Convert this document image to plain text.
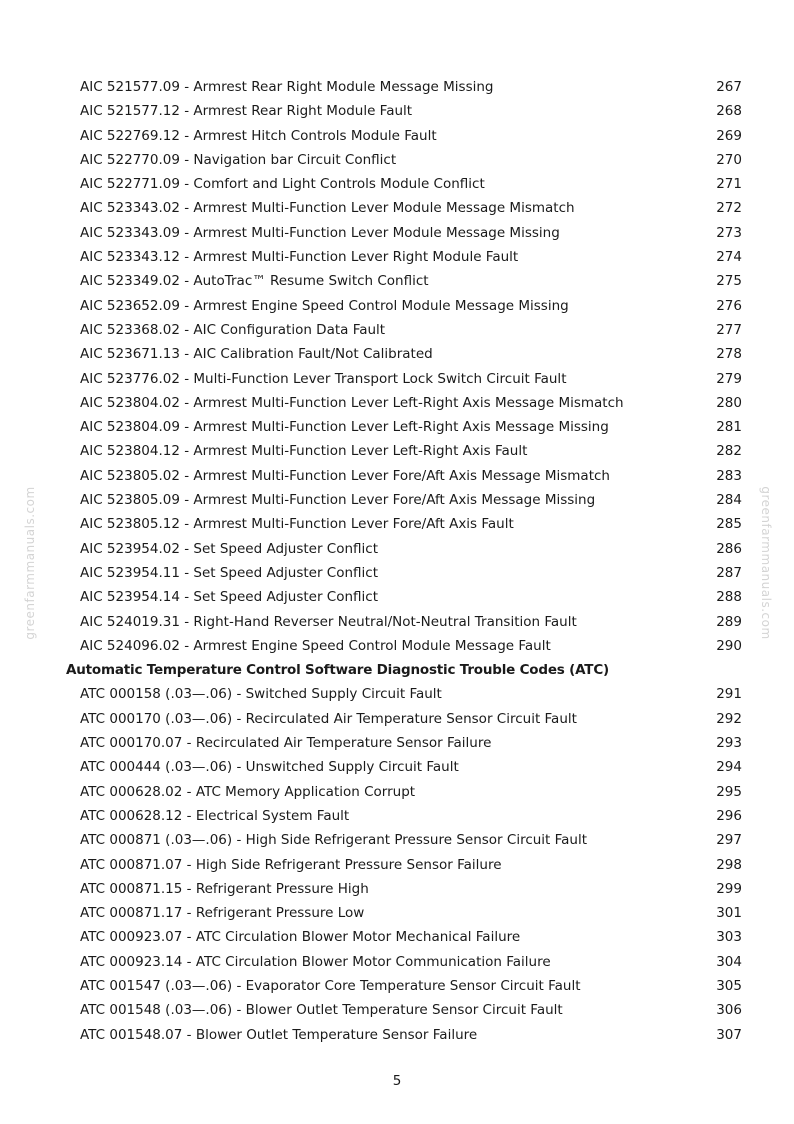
greenfarmmanuals.com	greenfarmmanuals.com
AIC 521577.09 - Armrest Rear Right Module Message Missing	267
AIC 521577.12 - Armrest Rear Right Module Fault	268
AIC 522769.12 - Armrest Hitch Controls Module Fault	269
AIC 522770.09 - Navigation bar Circuit Conflict	270
AIC 522771.09 - Comfort and Light Controls Module Conflict	271
AIC 523343.02 - Armrest Multi-Function Lever Module Message Mismatch	272
AIC 523343.09 - Armrest Multi-Function Lever Module Message Missing	273
AIC 523343.12 - Armrest Multi-Function Lever Right Module Fault	274
AIC 523349.02 - AutoTrac™ Resume Switch Conflict	275
AIC 523652.09 - Armrest Engine Speed Control Module Message Missing	276
AIC 523368.02 - AIC Configuration Data Fault	277
AIC 523671.13 - AIC Calibration Fault/Not Calibrated	278
AIC 523776.02 - Multi-Function Lever Transport Lock Switch Circuit Fault	279
AIC 523804.02 - Armrest Multi-Function Lever Left-Right Axis Message Mismatch	280
AIC 523804.09 - Armrest Multi-Function Lever Left-Right Axis Message Missing	281
AIC 523804.12 - Armrest Multi-Function Lever Left-Right Axis Fault	282
AIC 523805.02 - Armrest Multi-Function Lever Fore/Aft Axis Message Mismatch	283
AIC 523805.09 - Armrest Multi-Function Lever Fore/Aft Axis Message Missing	284
AIC 523805.12 - Armrest Multi-Function Lever Fore/Aft Axis Fault	285
AIC 523954.02 - Set Speed Adjuster Conflict	286
AIC 523954.11 - Set Speed Adjuster Conflict	287
AIC 523954.14 - Set Speed Adjuster Conflict	288
AIC 524019.31 - Right-Hand Reverser Neutral/Not-Neutral Transition Fault	289
AIC 524096.02 - Armrest Engine Speed Control Module Message Fault	290
Automatic Temperature Control Software Diagnostic Trouble Codes (ATC)
ATC 000158 (.03—.06) - Switched Supply Circuit Fault	291
ATC 000170 (.03—.06) - Recirculated Air Temperature Sensor Circuit Fault	292
ATC 000170.07 - Recirculated Air Temperature Sensor Failure	293
ATC 000444 (.03—.06) - Unswitched Supply Circuit Fault	294
ATC 000628.02 - ATC Memory Application Corrupt	295
ATC 000628.12 - Electrical System Fault	296
ATC 000871 (.03—.06) - High Side Refrigerant Pressure Sensor Circuit Fault	297
ATC 000871.07 - High Side Refrigerant Pressure Sensor Failure	298
ATC 000871.15 - Refrigerant Pressure High	299
ATC 000871.17 - Refrigerant Pressure Low	301
ATC 000923.07 - ATC Circulation Blower Motor Mechanical Failure	303
ATC 000923.14 - ATC Circulation Blower Motor Communication Failure	304
ATC 001547 (.03—.06) - Evaporator Core Temperature Sensor Circuit Fault	305
ATC 001548 (.03—.06) - Blower Outlet Temperature Sensor Circuit Fault	306
ATC 001548.07 - Blower Outlet Temperature Sensor Failure	307
5
